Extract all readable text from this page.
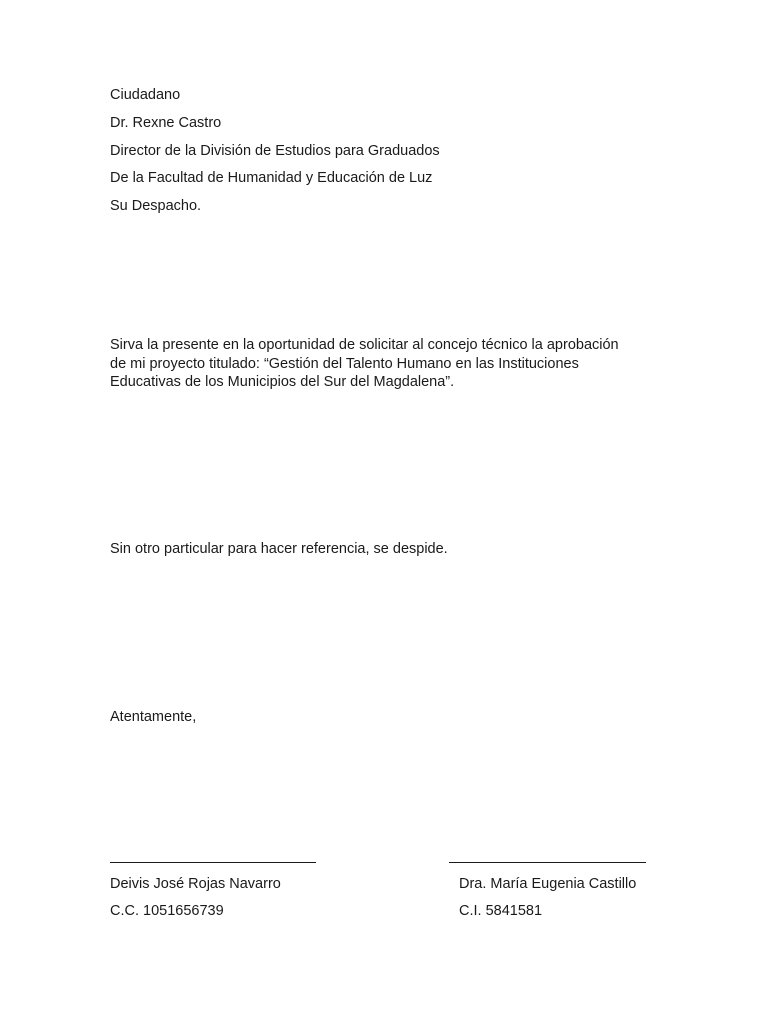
Ciudadano
Dr. Rexne Castro
Director de la División de Estudios para Graduados
De la Facultad de Humanidad y Educación de Luz
Su Despacho.
Sirva la presente en la oportunidad de solicitar al concejo técnico la aprobación
de mi proyecto titulado: “Gestión del Talento Humano en las Instituciones
Educativas de los Municipios del Sur del Magdalena”.
Sin otro particular para hacer referencia, se despide.
Atentamente,
Deivis José Rojas Navarro
C.C. 1051656739
Dra. María Eugenia Castillo
C.I. 5841581
